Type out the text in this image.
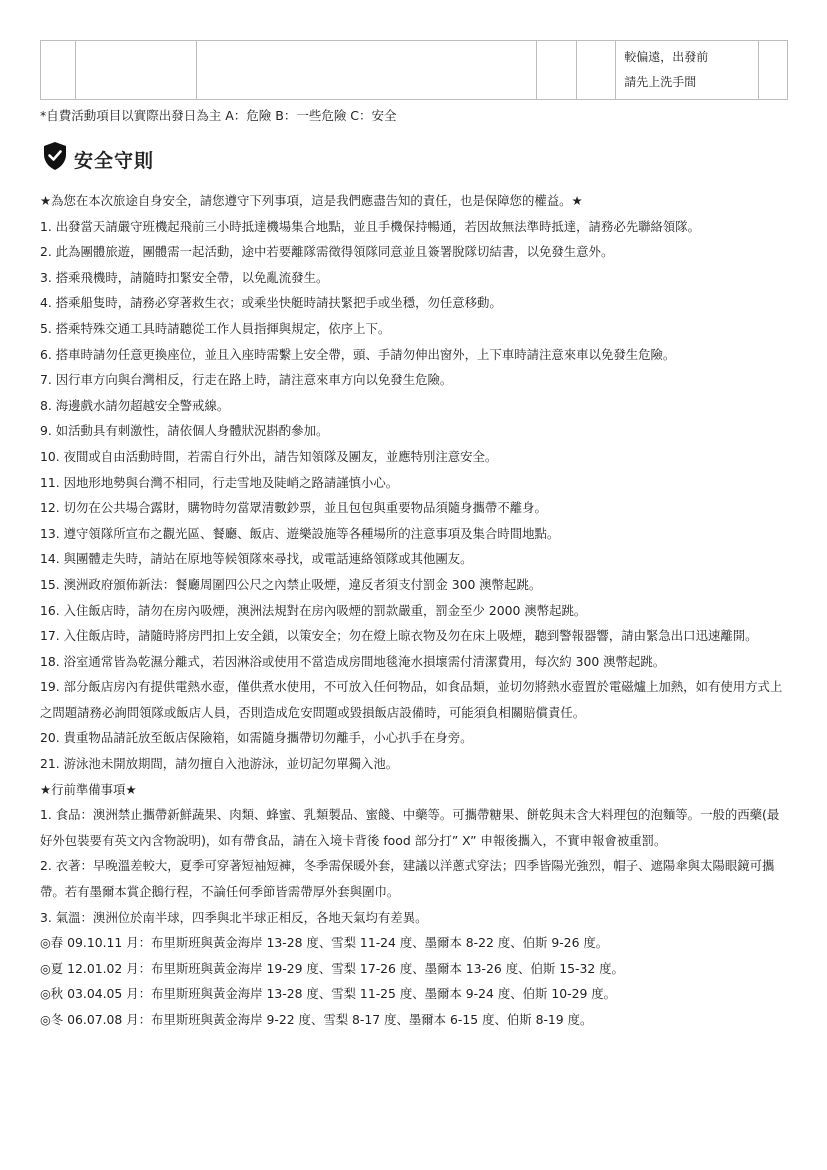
較偏遠，出發前
請先上洗手間

*自費活動項目以實際出發日為主 A：危險 B：一些危險 C：安全
安全守則

★為您在本次旅途自身安全，請您遵守下列事項，這是我們應盡告知的責任，也是保障您的權益。★

1. 出發當天請嚴守班機起飛前三小時抵達機場集合地點，並且手機保持暢通，若因故無法準時抵達，請務必先聯絡領隊。

2. 此為團體旅遊，團體需一起活動，途中若要離隊需徵得領隊同意並且簽署脫隊切結書，以免發生意外。

3. 搭乘飛機時，請隨時扣緊安全帶，以免亂流發生。

4. 搭乘船隻時，請務必穿著救生衣；或乘坐快艇時請扶緊把手或坐穩，勿任意移動。

5. 搭乘特殊交通工具時請聽從工作人員指揮與規定，依序上下。

6. 搭車時請勿任意更換座位，並且入座時需繫上安全帶，頭、手請勿伸出窗外，上下車時請注意來車以免發生危險。

7. 因行車方向與台灣相反，行走在路上時，請注意來車方向以免發生危險。

8. 海邊戲水請勿超越安全警戒線。

9. 如活動具有刺激性，請依個人身體狀況斟酌參加。

10. 夜間或自由活動時間，若需自行外出，請告知領隊及團友，並應特別注意安全。

11. 因地形地勢與台灣不相同，行走雪地及陡峭之路請謹慎小心。

12. 切勿在公共場合露財，購物時勿當眾清數鈔票，並且包包與重要物品須隨身攜帶不離身。

13. 遵守領隊所宣布之觀光區、餐廳、飯店、遊樂設施等各種場所的注意事項及集合時間地點。

14. 與團體走失時，請站在原地等候領隊來尋找，或電話連絡領隊或其他團友。

15. 澳洲政府頒佈新法：餐廳周圍四公尺之內禁止吸煙，違反者須支付罰金 300 澳幣起跳。

16. 入住飯店時，請勿在房內吸煙，澳洲法規對在房內吸煙的罰款嚴重，罰金至少 2000 澳幣起跳。

17. 入住飯店時，請隨時將房門扣上安全鎖，以策安全；勿在燈上晾衣物及勿在床上吸煙，聽到警報器響，請由緊急出口迅速離開。

18. 浴室通常皆為乾濕分離式，若因淋浴或使用不當造成房間地毯淹水損壞需付清潔費用，每次約 300 澳幣起跳。

19. 部分飯店房內有提供電熱水壺，僅供煮水使用，不可放入任何物品，如食品類，並切勿將熱水壺置於電磁爐上加熱，如有使用方式上之問題請務必詢問領隊或飯店人員，否則造成危安問題或毀損飯店設備時，可能須負相關賠償責任。

20. 貴重物品請託放至飯店保險箱，如需隨身攜帶切勿離手，小心扒手在身旁。

21. 游泳池未開放期間，請勿擅自入池游泳，並切記勿單獨入池。

★行前準備事項★

1. 食品：澳洲禁止攜帶新鮮蔬果、肉類、蜂蜜、乳類製品、蜜餞、中藥等。可攜帶糖果、餅乾與未含大料理包的泡麵等。一般的西藥(最好外包裝要有英文內含物說明)，如有帶食品，請在入境卡背後 food 部分打” X” 申報後攜入，不實申報會被重罰。

2. 衣著：早晚溫差較大，夏季可穿著短袖短褲，冬季需保暖外套，建議以洋蔥式穿法；四季皆陽光強烈，帽子、遮陽傘與太陽眼鏡可攜帶。若有墨爾本賞企鵝行程，不論任何季節皆需帶厚外套與圍巾。

3. 氣溫：澳洲位於南半球，四季與北半球正相反，各地天氣均有差異。

◎春 09.10.11 月：布里斯班與黃金海岸 13-28 度、雪梨 11-24 度、墨爾本 8-22 度、伯斯 9-26 度。

◎夏 12.01.02 月：布里斯班與黃金海岸 19-29 度、雪梨 17-26 度、墨爾本 13-26 度、伯斯 15-32 度。

◎秋 03.04.05 月：布里斯班與黃金海岸 13-28 度、雪梨 11-25 度、墨爾本 9-24 度、伯斯 10-29 度。

◎冬 06.07.08 月：布里斯班與黃金海岸 9-22 度、雪梨 8-17 度、墨爾本 6-15 度、伯斯 8-19 度。
